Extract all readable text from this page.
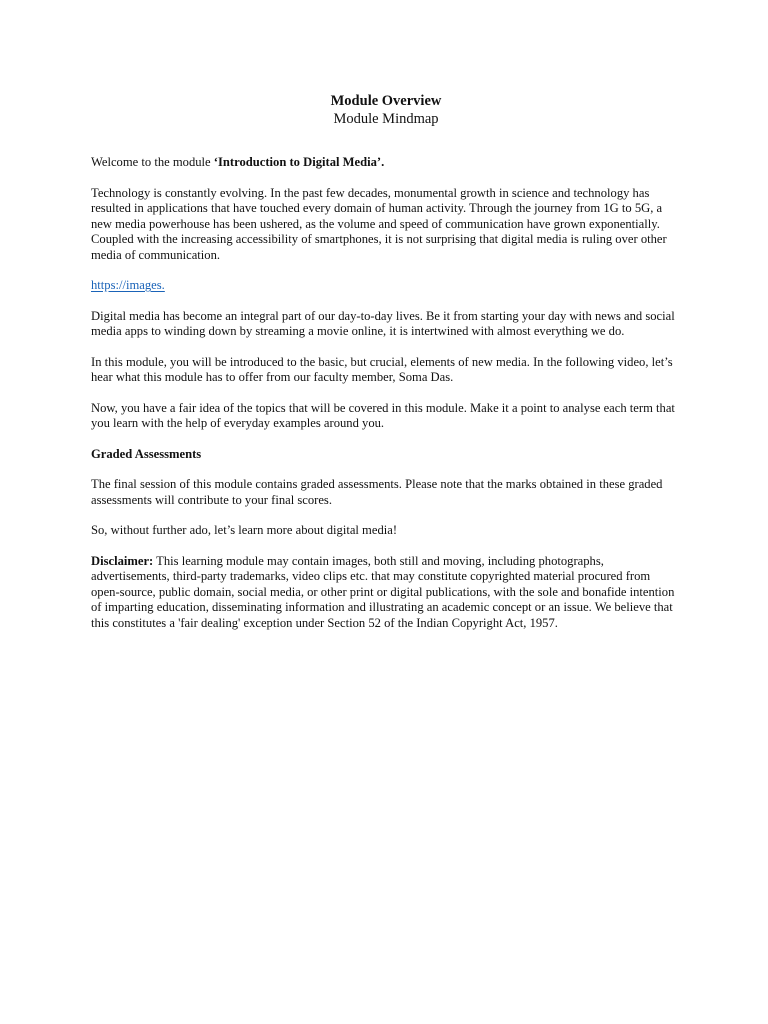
Module Overview
Module Mindmap

Welcome to the module ‘Introduction to Digital Media’.

Technology is constantly evolving. In the past few decades, monumental growth in science and technology has resulted in applications that have touched every domain of human activity. Through the journey from 1G to 5G, a new media powerhouse has been ushered, as the volume and speed of communication have grown exponentially. Coupled with the increasing accessibility of smartphones, it is not surprising that digital media is ruling over other media of communication.

https://images.

Digital media has become an integral part of our day-to-day lives. Be it from starting your day with news and social media apps to winding down by streaming a movie online, it is intertwined with almost everything we do.

In this module, you will be introduced to the basic, but crucial, elements of new media. In the following video, let’s hear what this module has to offer from our faculty member, Soma Das.

Now, you have a fair idea of the topics that will be covered in this module. Make it a point to analyse each term that you learn with the help of everyday examples around you.

Graded Assessments

The final session of this module contains graded assessments. Please note that the marks obtained in these graded assessments will contribute to your final scores.

So, without further ado, let’s learn more about digital media!

Disclaimer: This learning module may contain images, both still and moving, including photographs, advertisements, third-party trademarks, video clips etc. that may constitute copyrighted material procured from open-source, public domain, social media, or other print or digital publications, with the sole and bonafide intention of imparting education, disseminating information and illustrating an academic concept or an issue. We believe that this constitutes a 'fair dealing' exception under Section 52 of the Indian Copyright Act, 1957.
